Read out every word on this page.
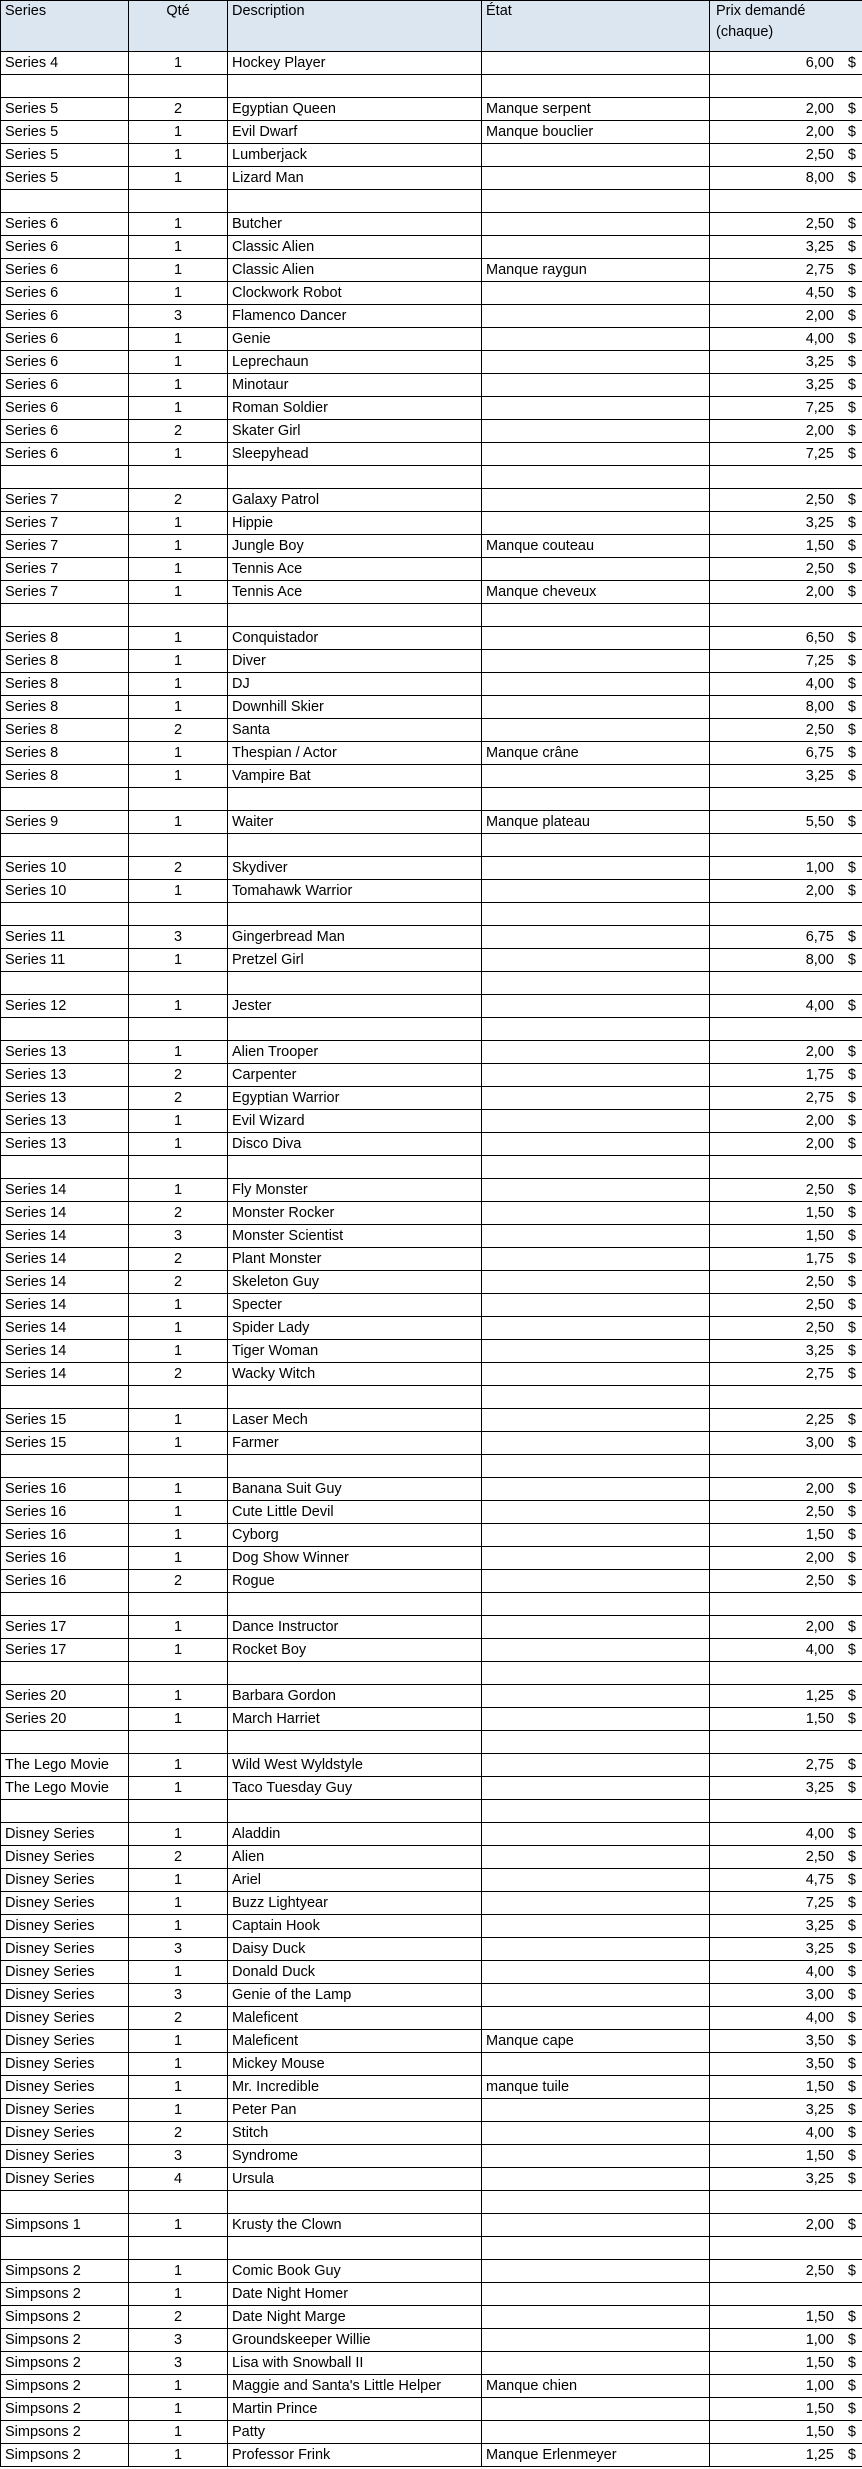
Series	Qté	Description	État	Prix demandé (chaque)
Series 4	1	Hockey Player		6,00 $

Series 5	2	Egyptian Queen	Manque serpent	2,00 $

Series 5	1	Evil Dwarf	Manque bouclier	2,00 $

Series 5	1	Lumberjack		2,50 $

Series 5	1	Lizard Man		8,00 $

Series 6	1	Butcher		2,50 $

Series 6	1	Classic Alien		3,25 $

Series 6	1	Classic Alien	Manque raygun	2,75 $

Series 6	1	Clockwork Robot		4,50 $

Series 6	3	Flamenco Dancer		2,00 $

Series 6	1	Genie		4,00 $

Series 6	1	Leprechaun		3,25 $

Series 6	1	Minotaur		3,25 $

Series 6	1	Roman Soldier		7,25 $

Series 6	2	Skater Girl		2,00 $

Series 6	1	Sleepyhead		7,25 $

Series 7	2	Galaxy Patrol		2,50 $

Series 7	1	Hippie		3,25 $

Series 7	1	Jungle Boy	Manque couteau	1,50 $

Series 7	1	Tennis Ace		2,50 $

Series 7	1	Tennis Ace	Manque cheveux	2,00 $

Series 8	1	Conquistador		6,50 $

Series 8	1	Diver		7,25 $

Series 8	1	DJ		4,00 $

Series 8	1	Downhill Skier		8,00 $

Series 8	2	Santa		2,50 $

Series 8	1	Thespian / Actor	Manque crâne	6,75 $

Series 8	1	Vampire Bat		3,25 $

Series 9	1	Waiter	Manque plateau	5,50 $

Series 10	2	Skydiver		1,00 $

Series 10	1	Tomahawk Warrior		2,00 $

Series 11	3	Gingerbread Man		6,75 $

Series 11	1	Pretzel Girl		8,00 $

Series 12	1	Jester		4,00 $

Series 13	1	Alien Trooper		2,00 $

Series 13	2	Carpenter		1,75 $

Series 13	2	Egyptian Warrior		2,75 $

Series 13	1	Evil Wizard		2,00 $

Series 13	1	Disco Diva		2,00 $

Series 14	1	Fly Monster		2,50 $

Series 14	2	Monster Rocker		1,50 $

Series 14	3	Monster Scientist		1,50 $

Series 14	2	Plant Monster		1,75 $

Series 14	2	Skeleton Guy		2,50 $

Series 14	1	Specter		2,50 $

Series 14	1	Spider Lady		2,50 $

Series 14	1	Tiger Woman		3,25 $

Series 14	2	Wacky Witch		2,75 $

Series 15	1	Laser Mech		2,25 $

Series 15	1	Farmer		3,00 $

Series 16	1	Banana Suit Guy		2,00 $

Series 16	1	Cute Little Devil		2,50 $

Series 16	1	Cyborg		1,50 $

Series 16	1	Dog Show Winner		2,00 $

Series 16	2	Rogue		2,50 $

Series 17	1	Dance Instructor		2,00 $

Series 17	1	Rocket Boy		4,00 $

Series 20	1	Barbara Gordon		1,25 $

Series 20	1	March Harriet		1,50 $

The Lego Movie	1	Wild West Wyldstyle		2,75 $

The Lego Movie	1	Taco Tuesday Guy		3,25 $

Disney Series	1	Aladdin		4,00 $

Disney Series	2	Alien		2,50 $

Disney Series	1	Ariel		4,75 $

Disney Series	1	Buzz Lightyear		7,25 $

Disney Series	1	Captain Hook		3,25 $

Disney Series	3	Daisy Duck		3,25 $

Disney Series	1	Donald Duck		4,00 $

Disney Series	3	Genie of the Lamp		3,00 $

Disney Series	2	Maleficent		4,00 $

Disney Series	1	Maleficent	Manque cape	3,50 $

Disney Series	1	Mickey Mouse		3,50 $

Disney Series	1	Mr. Incredible	manque tuile	1,50 $

Disney Series	1	Peter Pan		3,25 $

Disney Series	2	Stitch		4,00 $

Disney Series	3	Syndrome		1,50 $

Disney Series	4	Ursula		3,25 $

Simpsons 1	1	Krusty the Clown		2,00 $

Simpsons 2	1	Comic Book Guy		2,50 $

Simpsons 2	1	Date Night Homer		
Simpsons 2	2	Date Night Marge		1,50 $

Simpsons 2	3	Groundskeeper Willie		1,00 $

Simpsons 2	3	Lisa with Snowball II		1,50 $

Simpsons 2	1	Maggie and Santa's Little Helper	Manque chien	1,00 $

Simpsons 2	1	Martin Prince		1,50 $

Simpsons 2	1	Patty		1,50 $

Simpsons 2	1	Professor Frink	Manque Erlenmeyer	1,25 $
